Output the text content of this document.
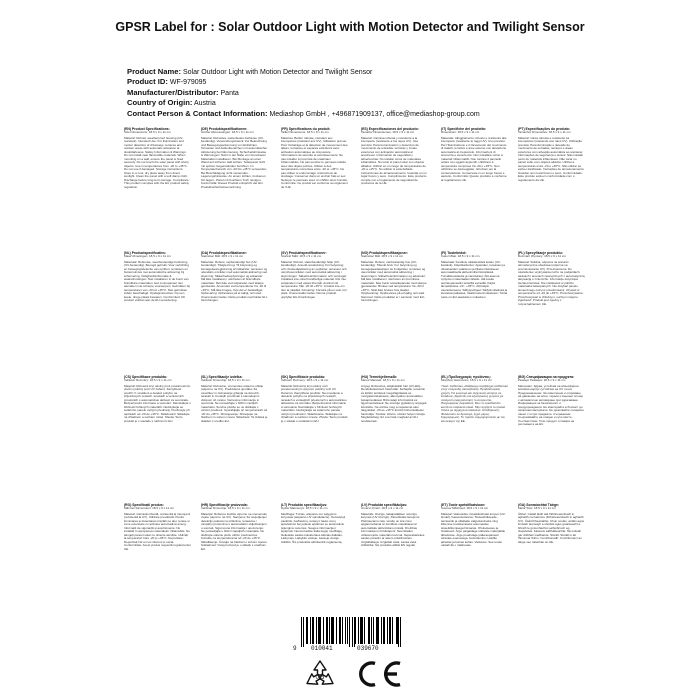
GPSR Label for : Solar Outdoor Light with Motion Detector and Twilight Sensor
Product Name: Solar Outdoor Light with Motion Detector and Twilight Sensor
Product ID: WF-979095
Manufacturer/Distributor: Panta
Country of Origin: Austria
Contact Person & Contact Information: Mediashop GmbH , +496871909137, office@mediashop-group.com
(EN) Product Specifications:
Size/ Dimensions: 18.5 x 9 x 11 cm
Material: Robust, weatherproof housing (UV-resistant). Intended Use: For illumination and motion detection of driveways, terraces and outdoor areas with automatic activation at dusk/darkness. Safety Information & Warnings: Do not install near flammable materials. When mounting on a wall, ensure the panel is fixed securely. Do not touch the solar panel with sharp objects. Use in temperatures from -20 to +45°C. Do not use if damaged. Storage instructions: Store in a cool, dry place away from direct sunlight. Clean the panel with a soft damp cloth. Discharge before long-term storage. Compliance: This product complies with the EU product safety regulation.
(DE) Produktspezifikationen:
Größe/ Abmessungen: 18,5 x 9 x 11 cm
Material: Robustes, wetterfestes Gehäuse (UV-beständig). Verwendungszweck: Zur Beleuchtung und Bewegungserkennung von Einfahrten, Terrassen und Außenbereichen mit automatischer Aktivierung bei Dämmerung. Sicherheitshinweise & Warnungen: Nicht in der Nähe von brennbaren Materialien installieren. Bei Montage an einer Wand auf sicheren Halt achten. Solarpanel nicht mit spitzen Gegenständen berühren. Im Temperaturbereich von -20 bis +45°C verwenden. Bei Beschädigung nicht verwenden. Lagerungshinweise: An einem kühlen, trockenen Ort lagern. Panel mit feuchtem Tuch reinigen. Konformität: Dieses Produkt entspricht der EU-Produktsicherheitsverordnung.
(FR) Spécifications du produit:
Taille/ Dimensions: 18,5 x 9 x 11 cm
Matériau: Boîtier robuste, résistant aux intempéries (résistant aux UV). Utilisation prévue: Pour l'éclairage et la détection de mouvement des allées, terrasses et espaces extérieurs avec activation automatique au crépuscule. Informations de sécurité et avertissements: Ne pas installer à proximité de matériaux inflammables. Ne pas toucher le panneau solaire avec des objets pointus. Utiliser à des températures comprises entre -20 et +45°C. Ne pas utiliser si endommagé. Instructions de stockage: Conserver dans un endroit frais et sec. Nettoyer le panneau avec un chiffon doux humide. Conformité: Ce produit est conforme au règlement de l'UE.
(ES) Especificaciones del producto:
Tamaño/ Dimensiones: 18,5 x 9 x 11 cm
Material: Carcasa robusta y resistente a la intemperie (resistente a los rayos UV). Uso previsto: Para la iluminación y detección de movimiento de entradas, terrazas y zonas exteriores con activación automática al anochecer. Información de seguridad y advertencias: No instalar cerca de materiales inflamables. No tocar el panel solar con objetos afilados. Utilizar en un rango de temperaturas de -20 a +45°C. No utilizar si está dañado. Instrucciones de almacenamiento: Guardar en un lugar fresco y seco. Cumplimiento: Este producto cumple con el reglamento de seguridad de productos de la UE.
(IT) Specifiche del prodotto:
Dimensioni: 18,5 x 9 x 11 cm
Materiale: Alloggiamento robusto e resistente alle intemperie (resistente ai raggi UV). Uso previsto: Per l'illuminazione e il rilevamento del movimento di vialetti, terrazze e aree esterne con attivazione automatica al crepuscolo. Informazioni di sicurezza e avvertenze: Non installare vicino a materiali infiammabili. Non toccare il pannello solare con oggetti appuntiti. Utilizzare a temperature comprese tra -20 e +45°C. Non utilizzare se danneggiato. Istruzioni per la conservazione: Conservare in un luogo fresco e asciutto. Conformità: Questo prodotto è conforme al regolamento UE.
(PT) Especificações do produto:
Tamanho/ Dimensões: 18,5 x 9 x 11 cm
Material: Caixa robusta e resistente às intempéries (resistente aos raios UV). Utilização prevista: Para iluminação e deteção de movimento de entradas, terraços e áreas exteriores com ativação automática ao anoitecer. Informações de segurança e avisos: Não instalar perto de materiais inflamáveis. Não tocar no painel solar com objetos afiados. Utilizar a temperaturas entre -20 e +45°C. Não utilizar se estiver danificado. Instruções de armazenamento: Guardar num local fresco e seco. Conformidade: Este produto está em conformidade com o regulamento da UE.
(NL) Productspecificaties:
Maat/ Afmetingen: 18,5 x 9 x 11 cm
Materiaal: Robuuste, weerbestendige behuizing (UV-bestendig). Beoogd gebruik: Voor verlichting en bewegingsdetectie van opritten, terrassen en buitenruimtes met automatische activering bij schemering. Veiligheidsinformatie & waarschuwingen: Niet installeren in de buurt van brandbare materialen. Het zonnepaneel niet aanraken met scherpe voorwerpen. Gebruiken bij temperaturen van -20 tot +45°C. Niet gebruiken indien beschadigd. Opslaginstructies: Op een koele, droge plaats bewaren. Conformiteit: Dit product voldoet aan de EU-verordening.
(DA) Produktspecifikationer:
Størrelse/ Mål: 18,5 x 9 x 11 cm
Materiale: Robust, vejrbestandigt hus (UV-bestandigt). Tilsigtet brug: Til belysning og bevægelsesregistrering af indkørsler, terrasser og udendørs områder med automatisk aktivering ved skumring. Sikkerhedsoplysninger og advarsler: Må ikke installeres i nærheden af brændbare materialer. Rør ikke ved solpanelet med skarpe genstande. Anvendes ved temperaturer fra -20 til +45°C. Må ikke bruges, hvis det er beskadiget. Opbevaring: Opbevares på et køligt, tørt sted. Overensstemmelse: Dette produkt overholder EU-forordningen.
(SV) Produktspecifikationer:
Storlek/ Mått: 18,5 x 9 x 11 cm
Material: Robust, väderbeständigt hölje (UV-beständigt). Avsedd användning: För belysning och rörelsedetektering av uppfarter, terrasser och utomhusområden med automatisk aktivering i skymningen. Säkerhetsinformation och varningar: Installera inte nära brandfarliga material. Rör inte solpanelen med vassa föremål. Använd vid temperaturer från -20 till +45°C. Använd inte om den är skadad. Förvaring: Förvara på en sval, torr plats. Överensstämmelse: Denna produkt uppfyller EU-förordningen.
(NO) Produktspesifikasjoner:
Størrelse/ Mål: 18,5 x 9 x 11 cm
Materiale: Robust, værbestandig hus (UV-bestandig). Tiltenkt bruk: For belysning og bevegelsesdeteksjon av innkjørsler, terrasser og uteområder med automatisk aktivering i skumringen. Sikkerhetsinformasjon og advarsler: Må ikke installeres i nærheten av brennbare materialer. Ikke berør solcellepanelet med skarpe gjenstander. Brukes ved temperaturer fra -20 til +45°C. Skal ikke brukes hvis skadet. Oppbevaring: Oppbevares på et kjølig, tørt sted. Samsvar: Dette produktet er i samsvar med EU-forordningen.
(FI) Tuotetiedot:
Koko/ Mitat: 18,5 x 9 x 11 cm
Materiaali: Kestävä, säänkestävä kotelo (UV-kestävä). Käyttötarkoitus: Ajoteiden, terassien ja ulkoalueiden valaisuun ja liiketunnistukseen automaattisella aktivoinnilla hämärässä. Turvallisuustiedot ja varoitukset: Älä asenna syttyvien materiaalien lähelle. Älä koske aurinkopaneeliin terävillä esineillä. Käytä lämpötiloissa -20 - +45°C. Älä käytä vaurioituneena. Säilytysohjeet: Säilytä viileässä ja kuivassa paikassa. Vaatimustenmukaisuus: Tämä tuote on EU-asetuksen mukainen.
(PL) Specyfikacje produktu:
Rozmiar/ Wymiary: 18,5 x 9 x 11 cm
Materiał: Solidna, odporna na warunki atmosferyczne obudowa (odporna na promieniowanie UV). Przeznaczenie: Do oświetlenia i wykrywania ruchu na podjazdach, tarasach i terenach zewnętrznych z automatyczną aktywacją o zmierzchu. Informacje dotyczące bezpieczeństwa: Nie instalować w pobliżu materiałów łatwopalnych. Nie dotykać panelu słonecznego ostrymi przedmiotami. Używać w temperaturze od -20 do +45°C. Przechowywanie: Przechowywać w chłodnym, suchym miejscu. Zgodność: Produkt jest zgodny z rozporządzeniem UE.
(CS) Specifikace produktu:
Velikost/ Rozměry: 18,5 x 9 x 11 cm
Materiál: Robustní kryt odolný proti povětrnostním vlivům (odolný proti UV záření). Zamýšlené použití: K osvětlení a detekci pohybu na příjezdových cestách, terasách a venkovních prostorách s automatickou aktivací za soumraku. Bezpečnostní informace a varování: Neinstalujte v blízkosti hořlavých materiálů. Nedotýkejte se solárního panelu ostrými předměty. Používejte při teplotách od -20 do +45°C. Skladování: Skladujte na chladném a suchém místě. Shoda: Tento produkt je v souladu s nařízením EU.
(SL) Specifikacije izdelka:
Velikost/ Dimenzije: 18,5 x 9 x 11 cm
Material: Robustno, vremensko odporno ohišje (odporno na UV). Predvidena uporaba: Za osvetlitev in zaznavanje gibanja na dovozih, terasah in zunanjih površinah s samodejnim vklopom ob mraku. Varnostne informacije in opozorila: Ne nameščajte v bližini vnetljivih materialov. Sončne plošče se ne dotikajte z ostrimi predmeti. Uporabljajte pri temperaturah od -20 do +45°C. Shranjevanje: Shranjujte na hladnem in suhem mestu. Skladnost: Ta izdelek je skladen z uredbo EU.
(SK) Špecifikácie produktu:
Veľkosť/ Rozmery: 18,5 x 9 x 11 cm
Materiál: Robustný kryt odolný voči poveternostným vplyvom (odolný voči UV žiareniu). Zamýšľané použitie: Na osvetlenie a detekciu pohybu na príjazdových cestách, terasách a vonkajších priestoroch s automatickou aktiváciou za súmraku. Bezpečnostné informácie a varovania: Neinštalujte v blízkosti horľavých materiálov. Nedotýkajte sa solárneho panela ostrými predmetmi. Skladovanie: Skladujte na chladnom a suchom mieste. Zhoda: Tento produkt je v súlade s nariadením EÚ.
(HU) Termékjellemzők:
Méret/ Méretek: 18,5 x 9 x 11 cm
Anyag: Robusztus, időjárásálló ház (UV-álló). Rendeltetésszerű használat: Felhajtók, teraszok és kültéri területek megvilágítására és mozgásérzékelésére, alkonyatkor automatikus bekapcsolással. Biztonsági információk és figyelmeztetések: Ne szerelje gyúlékony anyagok közelébe. Ne érintse meg a napelemet éles tárgyakkal. -20 és +45°C közötti hőmérsékleten használja. Tárolás: Hűvös, száraz helyen tárolja. Megfelelőség: Ez a termék megfelel az EU rendeletnek.
(EL) Προδιαγραφές προϊόντος:
Μέγεθος/ Διαστάσεις: 18,5 x 9 x 11 cm
Υλικό: Ανθεκτικό, αδιάβροχο περίβλημα (ανθεκτικό στην υπεριώδη ακτινοβολία). Προβλεπόμενη χρήση: Για φωτισμό και ανίχνευση κίνησης σε εισόδους, βεράντες και εξωτερικούς χώρους με αυτόματη ενεργοποίηση το σούρουπο. Πληροφορίες ασφαλείας: Μην το εγκαθιστάτε κοντά σε εύφλεκτα υλικά. Μην αγγίζετε το ηλιακό πάνελ με αιχμηρά αντικείμενα. Αποθήκευση: Φυλάσσετε σε δροσερό, ξηρό μέρος. Συμμόρφωση: Το προϊόν συμμορφώνεται με τον κανονισμό της ΕΕ.
(BG) Спецификации на продукта:
Размер/ Размери: 18,5 x 9 x 11 cm
Материал: Здрав, устойчив на атмосферни влияния корпус (устойчив на UV лъчи). Предназначение: За осветление и откриване на движение на алеи, тераси и външни площи с автоматично активиране при здрачаване. Информация за безопасност и предупреждения: Не монтирайте в близост до запалими материали. Не докосвайте соларния панел с остри предмети. Съхранение: Съхранявайте на хладно и сухо място. Съответствие: Този продукт отговаря на регламента на ЕС.
(RO) Specificații produs:
Mărime/ Dimensiuni: 18,5 x 9 x 11 cm
Material: Carcasă robustă, rezistentă la intemperii (rezistentă la UV). Utilizare prevăzută: Pentru iluminarea și detectarea mișcării pe alei, terase și zone exterioare cu activare automată la amurg. Informații de siguranță și avertismente: Nu instalați în apropierea materialelor inflamabile. Nu atingeți panoul solar cu obiecte ascuțite. Utilizați la temperaturi între -20 și +45°C. Depozitare: Depozitați într-un loc răcoros și uscat. Conformitate: Acest produs respectă regulamentul UE.
(HR) Specifikacije proizvoda:
Veličina/ Dimenzije: 18,5 x 9 x 11 cm
Materijal: Robusno kućište otporno na vremenske uvjete (otporno na UV). Namjena: Za osvjetljenje i detekciju pokreta na prilazima, terasama i vanjskim prostorima s automatskim uključivanjem u sumrak. Sigurnosne informacije i upozorenja: Ne postavljajte u blizini zapaljivih materijala. Ne dodirujte solarnu ploču oštrim predmetima. Koristite na temperaturama od -20 do +45°C. Skladištenje: Čuvajte na hladnom i suhom mjestu. Sukladnost: Ovaj proizvod je u skladu s uredbom EU.
(LT) Produkto specifikacijos:
Dydis/ Matmenys: 18,5 x 9 x 11 cm
Medžiaga: Tvirtas, atsparus oro sąlygoms korpusas (atsparus UV spinduliams). Numatytoji paskirtis: Įvažiavimų, terasų ir lauko zonų apšvietimui bei judesio aptikimui su automatiniu įsijungimu sutemus. Saugos informacija ir įspėjimai: Nemontuokite šalia degių medžiagų. Nelieskite saulės kolektoriaus aštriais daiktais. Laikymas: Laikykite vėsioje, sausoje vietoje. Atitiktis: Šis produktas atitinka ES reglamentą.
(LV) Produkta specifikācijas:
Izmērs/ Izmēri: 18,5 x 9 x 11 cm
Materiāls: Izturīgs, laikapstākļiem noturīgs korpuss (UV izturīgs). Paredzētais lietojums: Piebraucamo ceļu, terašu un āra zonu apgaismošanai un kustības noteikšanai ar automātisku aktivizēšanu krēslā. Drošības informācija un brīdinājumi: Neuzstādiet uzliesmojošu materiālu tuvumā. Nepieskarieties saules panelim ar asiem priekšmetiem. Uzglabāšana: Uzglabāt vēsā, sausā vietā. Atbilstība: Šis produkts atbilst ES regulai.
(ET) Toote spetsifikatsioon:
Suurus/ Mõõtmed: 18,5 x 9 x 11 cm
Materjal: Vastupidav, ilmastikukindel korpus (UV-kindel). Kasutusotstarve: Sissesõiduteede, terrasside ja välialade valgustamiseks ning liikumise tuvastamiseks automaatse sisselülitumisega hämaras. Ohutusteave ja hoiatused: Ärge paigaldage süttivate materjalide lähedusse. Ärge puudutage päikesepaneeli teravate esemetega. Hoiustamine: Hoidke jahedas ja kuivas kohas. Vastavus: See toode vastab EL-i määrusele.
(GA) Sonraíochtaí Táirge:
Méid/ Toisí: 18.5 x 9 x 11 cm
Ábhar: Cásáil láidir atá frithsheasmhach in aghaidh na haimsire (frithsheasmhach in aghaidh UV). Úsáid bheartaithe: Chun cosáin, ardáin agus limistéir lasmuigh a shoilsiú agus gluaiseacht a bhrath le gníomhachtú uathoibríoch ag clapsholas. Faisnéis sábháilteachta: Ná suiteáil gar d'ábhair inadhainte. Stóráil: Stóráil in áit fhionnuar thirim. Comhlíonadh: Comhlíonann an táirge seo rialachán an AE.
9 010041	039670
0-3
